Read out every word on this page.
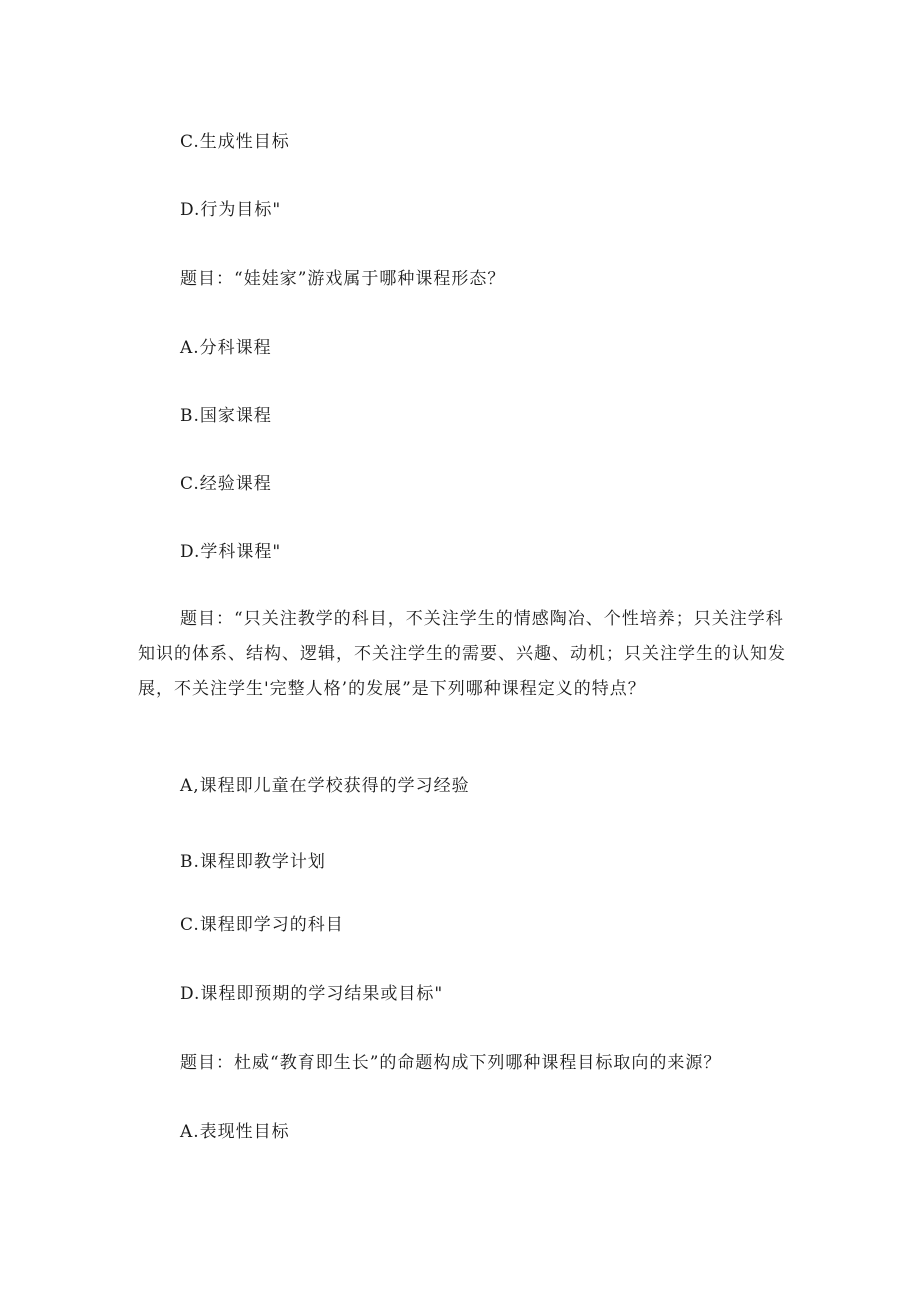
C.生成性目标
D.行为目标"
题目：“娃娃家”游戏属于哪种课程形态？
A.分科课程
B.国家课程
C.经验课程
D.学科课程"
题目：“只关注教学的科目，不关注学生的情感陶冶、个性培养；只关注学科知识的体系、结构、逻辑，不关注学生的需要、兴趣、动机；只关注学生的认知发展，不关注学生'完整人格’的发展”是下列哪种课程定义的特点？
A,课程即儿童在学校获得的学习经验
B.课程即教学计划
C.课程即学习的科目
D.课程即预期的学习结果或目标"
题目：杜威“教育即生长”的命题构成下列哪种课程目标取向的来源？
A.表现性目标
